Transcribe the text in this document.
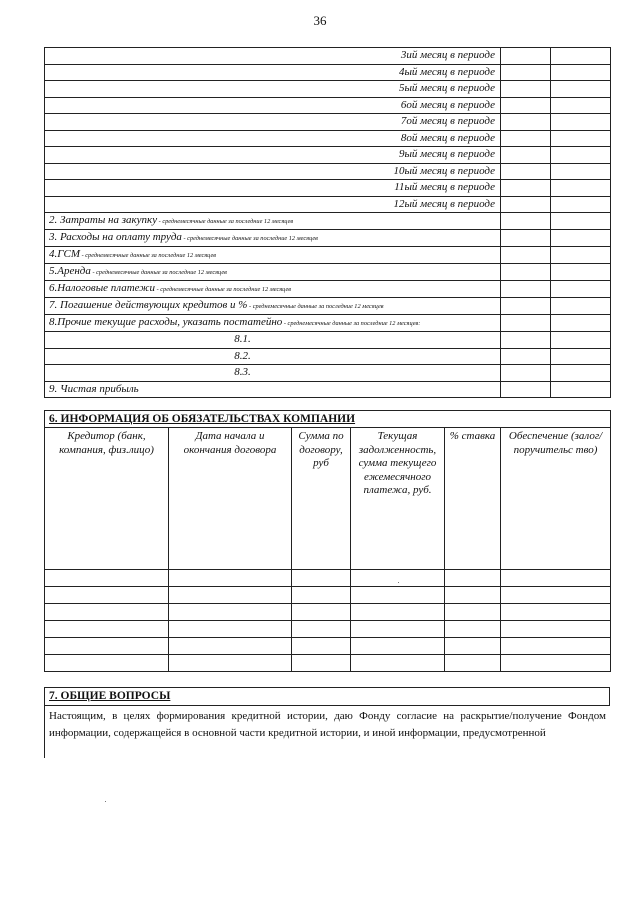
36
3ий месяц в периоде		
4ый месяц в периоде		
5ый месяц в периоде		
6ой месяц в периоде		
7ой месяц в периоде		
8ой месяц в периоде		
9ый месяц в периоде		
10ый месяц в периоде		
11ый месяц в периоде		
12ый месяц в периоде		
2. Затраты на закупку - среднемесячные данные за последние 12 месяцев		
3. Расходы на оплату труда - среднемесячные данные за последние 12 месяцев		
4.ГСМ - среднемесячные данные за последние 12 месяцев		
5.Аренда - среднемесячные данные за последние 12 месяцев		
6.Налоговые платежи - среднемесячные данные за последние 12 месяцев		
7. Погашение действующих кредитов и % - среднемесячные данные за последние 12 месяцев		
8.Прочие текущие расходы, указать постатейно - среднемесячные данные за последние 12 месяцев:		
8.1.		
8.2.		
8.3.		
9. Чистая прибыль		
6. ИНФОРМАЦИЯ ОБ ОБЯЗАТЕЛЬСТВАХ КОМПАНИИ					
Кредитор (банк, компания, физ.лицо)	Дата начала и окончания договора	Сумма по договору, руб	Текущая задолженность, сумма текущего ежемесячного платежа, руб.	% ставка	Обеспечение (залог/поручительс тво)

7. ОБЩИЕ ВОПРОСЫ
Настоящим, в целях формирования кредитной истории, даю Фонду согласие на раскрытие/получение Фондом информации, содержащейся в основной части кредитной истории, и иной информации, предусмотренной
